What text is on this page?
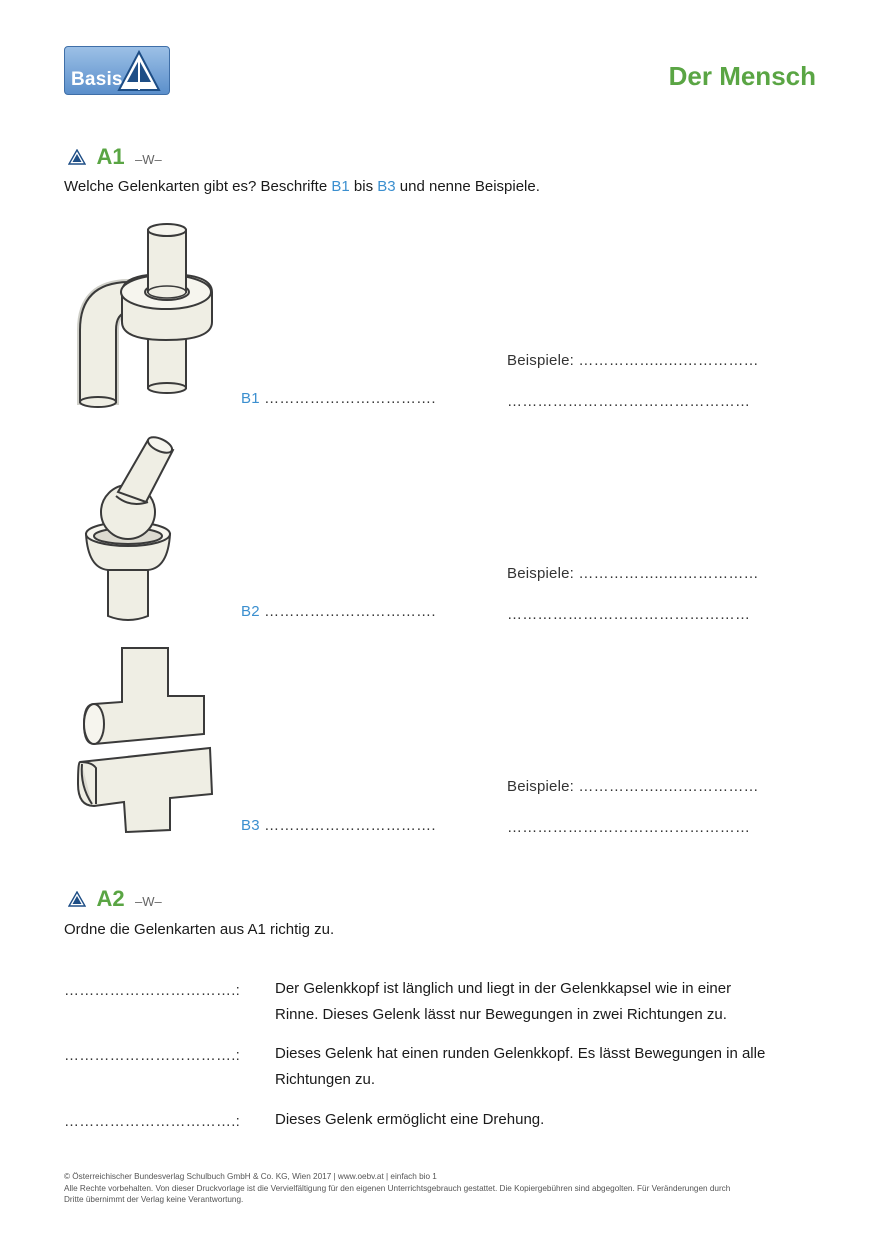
Basis	Der Mensch
A1 –W–
Welche Gelenkarten gibt es? Beschrifte B1 bis B3 und nenne Beispiele.
B1 …………………………….
Beispiele: ……………..….……………
…………………………………………
B2 …………………………….
Beispiele: ……………..….……………
…………………………………………
B3 …………………………….
Beispiele: ……………..….……………
…………………………………………
A2 –W–
Ordne die Gelenkarten aus A1 richtig zu.
…………………………….: Der Gelenkkopf ist länglich und liegt in der Gelenkkapsel wie in einer
Rinne. Dieses Gelenk lässt nur Bewegungen in zwei Richtungen zu.
…………………………….: Dieses Gelenk hat einen runden Gelenkkopf. Es lässt Bewegungen in alle
Richtungen zu.
…………………………….: Dieses Gelenk ermöglicht eine Drehung.
© Österreichischer Bundesverlag Schulbuch GmbH & Co. KG, Wien 2017 | www.oebv.at | einfach bio 1
Alle Rechte vorbehalten. Von dieser Druckvorlage ist die Vervielfältigung für den eigenen Unterrichtsgebrauch gestattet. Die Kopiergebühren sind abgegolten. Für Veränderungen durch
Dritte übernimmt der Verlag keine Verantwortung.
